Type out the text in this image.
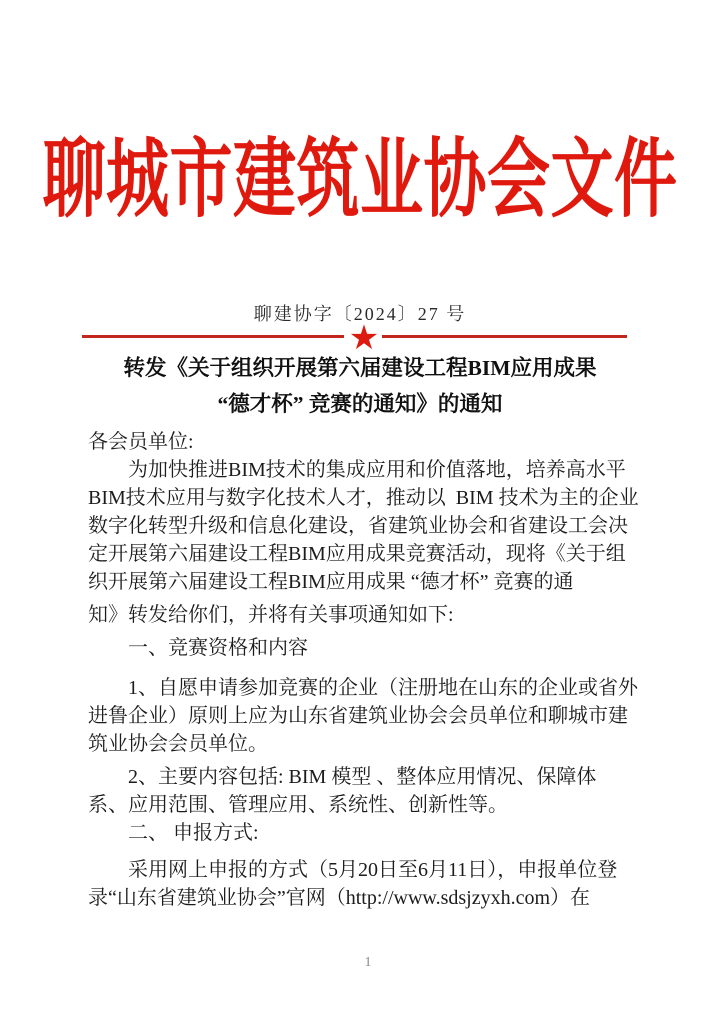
聊城市建筑业协会文件
聊建协字〔2024〕27 号
★
转发《关于组织开展第六届建设工程BIM应用成果
“德才杯” 竞赛的通知》的通知
各会员单位:
为加快推进BIM技术的集成应用和价值落地，培养高水平
BIM技术应用与数字化技术人才，推动以  BIM 技术为主的企业
数字化转型升级和信息化建设，省建筑业协会和省建设工会决
定开展第六届建设工程BIM应用成果竞赛活动，现将《关于组
织开展第六届建设工程BIM应用成果 “德才杯” 竞赛的通
知》转发给你们，并将有关事项通知如下:
一、竞赛资格和内容
1、自愿申请参加竞赛的企业（注册地在山东的企业或省外
进鲁企业）原则上应为山东省建筑业协会会员单位和聊城市建
筑业协会会员单位。
2、主要内容包括: BIM 模型 、整体应用情况、保障体
系、应用范围、管理应用、系统性、创新性等。
二、 申报方式:
采用网上申报的方式（5月20日至6月11日），申报单位登
录“山东省建筑业协会”官网（http://www.sdsjzyxh.com）在
1
